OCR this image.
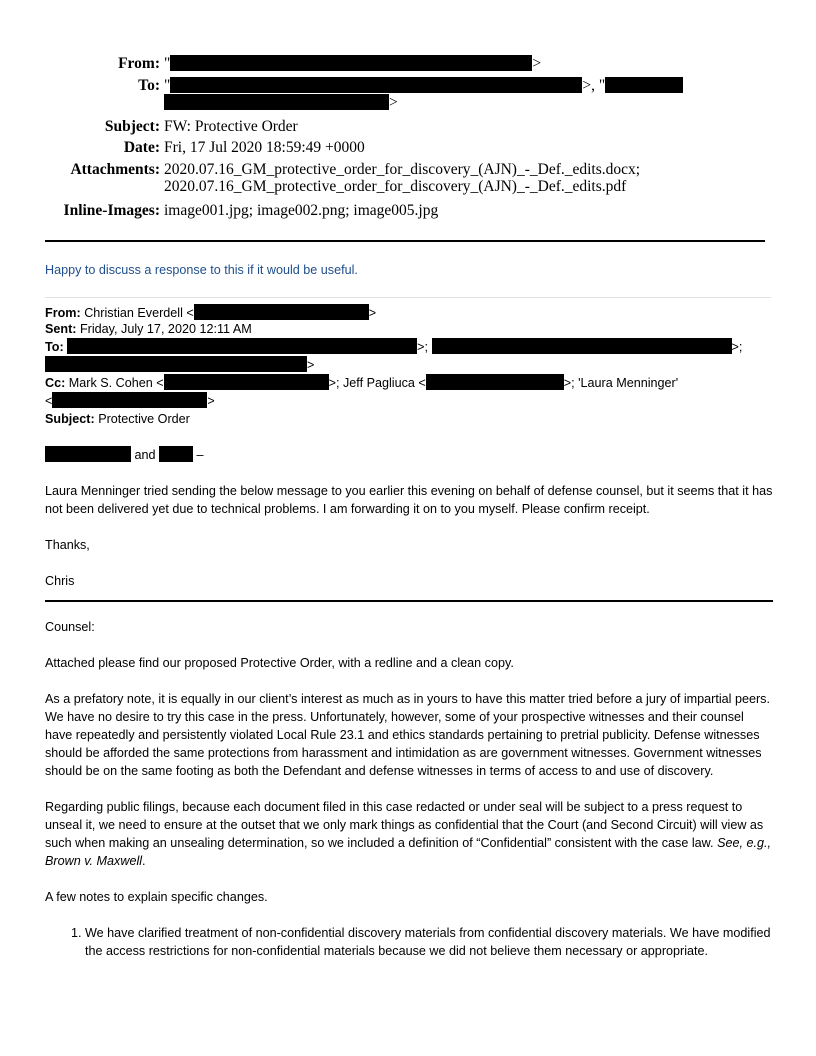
From: "	>
To: "	>, "
>
Subject: FW: Protective Order
Date: Fri, 17 Jul 2020 18:59:49 +0000
Attachments: 2020.07.16_GM_protective_order_for_discovery_(AJN)_-_Def._edits.docx;
2020.07.16_GM_protective_order_for_discovery_(AJN)_-_Def._edits.pdf
Inline-Images: image001.jpg; image002.png; image005.jpg
Happy to discuss a response to this if it would be useful.
From: Christian Everdell <	>
Sent: Friday, July 17, 2020 12:11 AM
To:	>;	>;
>
Cc: Mark S. Cohen <	>; Jeff Pagliuca <	>; 'Laura Menninger'
<	>
Subject: Protective Order
and	–

Laura Menninger tried sending the below message to you earlier this evening on behalf of defense counsel, but it seems that it has not been delivered yet due to technical problems. I am forwarding it on to you myself. Please confirm receipt.

Thanks,

Chris

Counsel:

Attached please find our proposed Protective Order, with a redline and a clean copy.

As a prefatory note, it is equally in our client’s interest as much as in yours to have this matter tried before a jury of impartial peers. We have no desire to try this case in the press. Unfortunately, however, some of your prospective witnesses and their counsel have repeatedly and persistently violated Local Rule 23.1 and ethics standards pertaining to pretrial publicity. Defense witnesses should be afforded the same protections from harassment and intimidation as are government witnesses. Government witnesses should be on the same footing as both the Defendant and defense witnesses in terms of access to and use of discovery.

Regarding public filings, because each document filed in this case redacted or under seal will be subject to a press request to unseal it, we need to ensure at the outset that we only mark things as confidential that the Court (and Second Circuit) will view as such when making an unsealing determination, so we included a definition of “Confidential” consistent with the case law. See, e.g., Brown v. Maxwell.

A few notes to explain specific changes.

1. We have clarified treatment of non-confidential discovery materials from confidential discovery materials. We have modified the access restrictions for non-confidential materials because we did not believe them necessary or appropriate.
